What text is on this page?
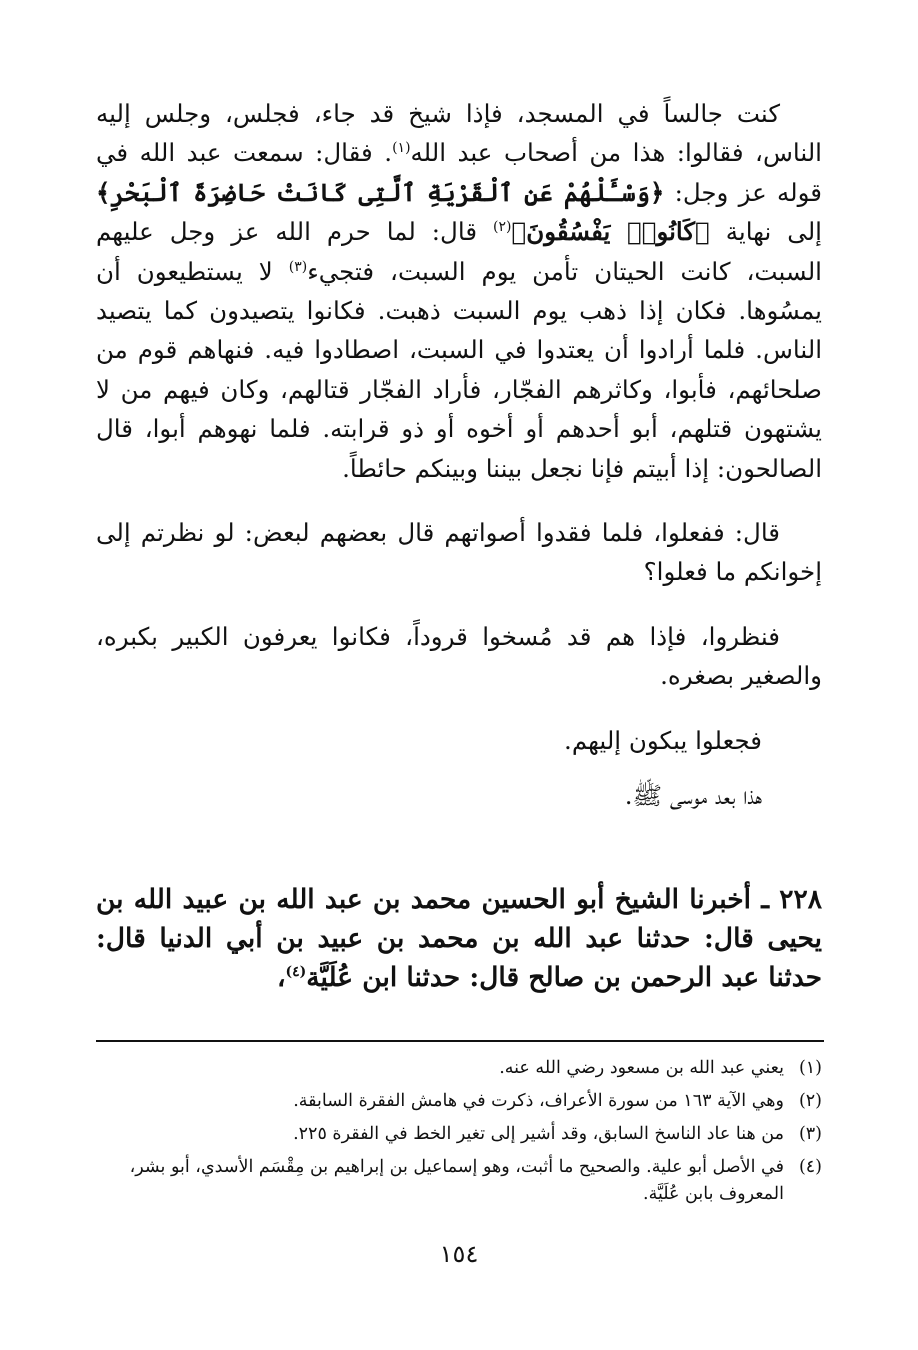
كنت جالساً في المسجد، فإذا شيخ قد جاء، فجلس، وجلس إليه الناس، فقالوا: هذا من أصحاب عبد الله$^{(١)}$. فقال: سمعت عبد الله في قوله عز وجل: ﴿وَسْـَٔلْهُمْ عَنِ ٱلْقَرْيَةِ ٱلَّتِى كَانَتْ حَاضِرَةَ ٱلْبَحْرِ﴾ إلى نهاية ﴿كَانُوا۟ يَفْسُقُونَ﴾$^{(٢)}$ قال: لما حرم الله عز وجل عليهم السبت، كانت الحيتان تأمن يوم السبت، فتجيء$^{(٣)}$ لا يستطيعون أن يمسُوها. فكان إذا ذهب يوم السبت ذهبت. فكانوا يتصيدون كما يتصيد الناس. فلما أرادوا أن يعتدوا في السبت، اصطادوا فيه. فنهاهم قوم من صلحائهم، فأبوا، وكاثرهم الفجّار، فأراد الفجّار قتالهم، وكان فيهم من لا يشتهون قتلهم، أبو أحدهم أو أخوه أو ذو قرابته. فلما نهوهم أبوا، قال الصالحون: إذا أبيتم فإنا نجعل بيننا وبينكم حائطاً.

قال: ففعلوا، فلما فقدوا أصواتهم قال بعضهم لبعض: لو نظرتم إلى إخوانكم ما فعلوا؟

فنظروا، فإذا هم قد مُسخوا قروداً، فكانوا يعرفون الكبير بكبره، والصغير بصغره.

فجعلوا يبكون إليهم.

هذا بعد موسى ﷺ.

٢٢٨ ـ أخبرنا الشيخ أبو الحسين محمد بن عبد الله بن عبيد الله بن يحيى قال: حدثنا عبد الله بن محمد بن عبيد بن أبي الدنيا قال: حدثنا عبد الرحمن بن صالح قال: حدثنا ابن عُلَيَّة$^{(٤)}$،
(١)
يعني عبد الله بن مسعود رضي الله عنه.
(٢)
وهي الآية ١٦٣ من سورة الأعراف، ذكرت في هامش الفقرة السابقة.
(٣)
من هنا عاد الناسخ السابق، وقد أشير إلى تغير الخط في الفقرة ٢٢٥.
(٤)
في الأصل أبو علية. والصحيح ما أثبت، وهو إسماعيل بن إبراهيم بن مِقْسَم الأسدي، أبو بشر، المعروف بابن عُلَيَّة.
١٥٤
